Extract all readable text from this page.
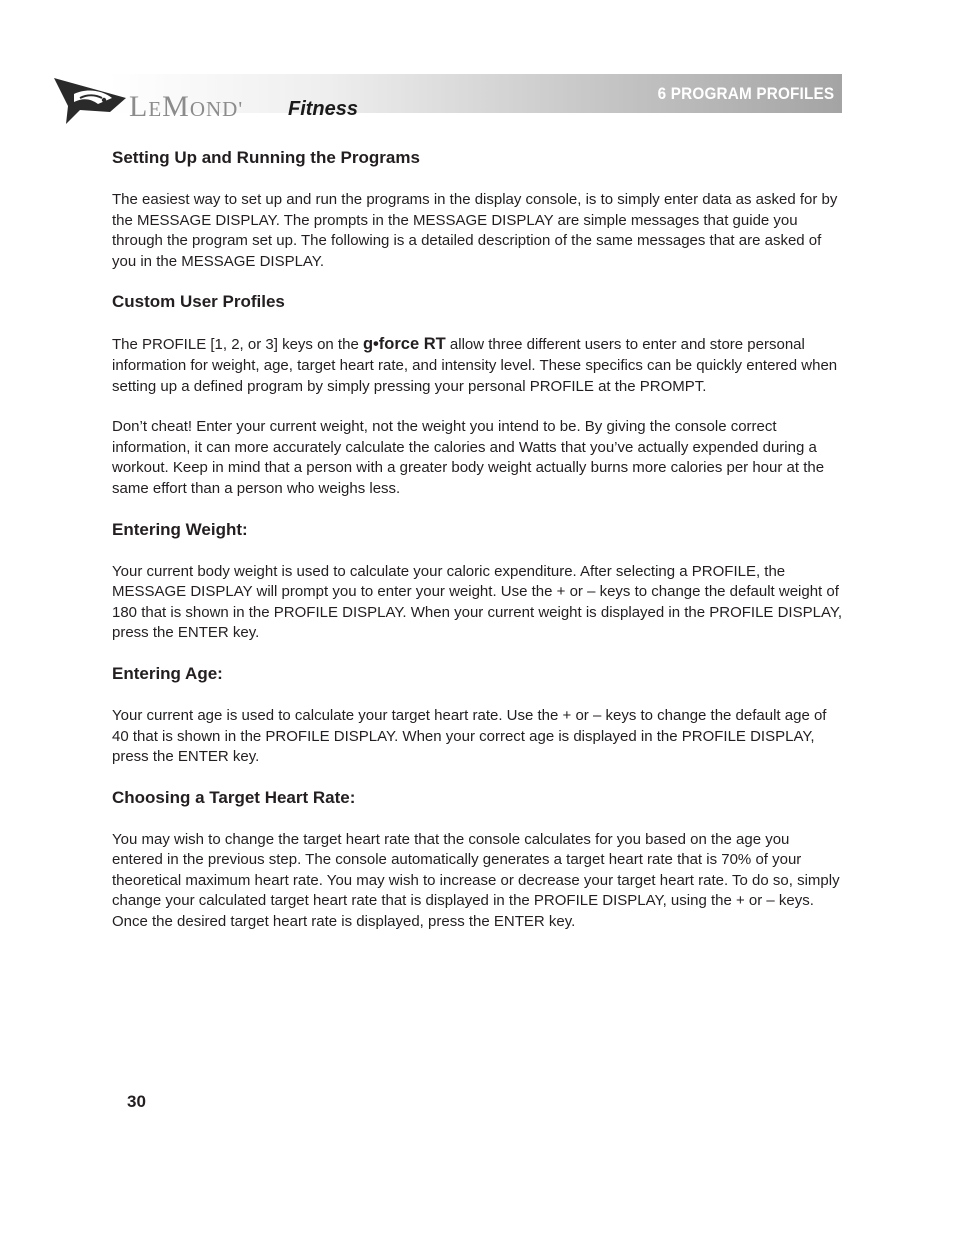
6 PROGRAM PROFILES
LEMOND' Fitness
Setting Up and Running the Programs

The easiest way to set up and run the programs in the display console, is to simply enter data as asked for by the MESSAGE DISPLAY. The prompts in the MESSAGE DISPLAY are simple messages that guide you through the program set up. The following is a detailed description of the same messages that are asked of you in the MESSAGE DISPLAY.

Custom User Profiles

The PROFILE [1, 2, or 3] keys on the g•force RT allow three different users to enter and store personal information for weight, age, target heart rate, and intensity level. These specifics can be quickly entered when setting up a defined program by simply pressing your personal PROFILE at the PROMPT.

Don’t cheat! Enter your current weight, not the weight you intend to be. By giving the console correct information, it can more accurately calculate the calories and Watts that you’ve actually expended during a workout. Keep in mind that a person with a greater body weight actually burns more calories per hour at the same effort than a person who weighs less.

Entering Weight:

Your current body weight is used to calculate your caloric expenditure. After selecting a PROFILE, the MESSAGE DISPLAY will prompt you to enter your weight. Use the + or – keys to change the default weight of 180 that is shown in the PROFILE DISPLAY. When your current weight is displayed in the PROFILE DISPLAY, press the ENTER key.

Entering Age:

Your current age is used to calculate your target heart rate. Use the + or – keys to change the default age of 40 that is shown in the PROFILE DISPLAY. When your correct age is displayed in the PROFILE DISPLAY, press the ENTER key.

Choosing a Target Heart Rate:

You may wish to change the target heart rate that the console calculates for you based on the age you entered in the previous step. The console automatically generates a target heart rate that is 70% of your theoretical maximum heart rate. You may wish to increase or decrease your target heart rate. To do so, simply change your calculated target heart rate that is displayed in the PROFILE DISPLAY, using the + or – keys. Once the desired target heart rate is displayed, press the ENTER key.

30
